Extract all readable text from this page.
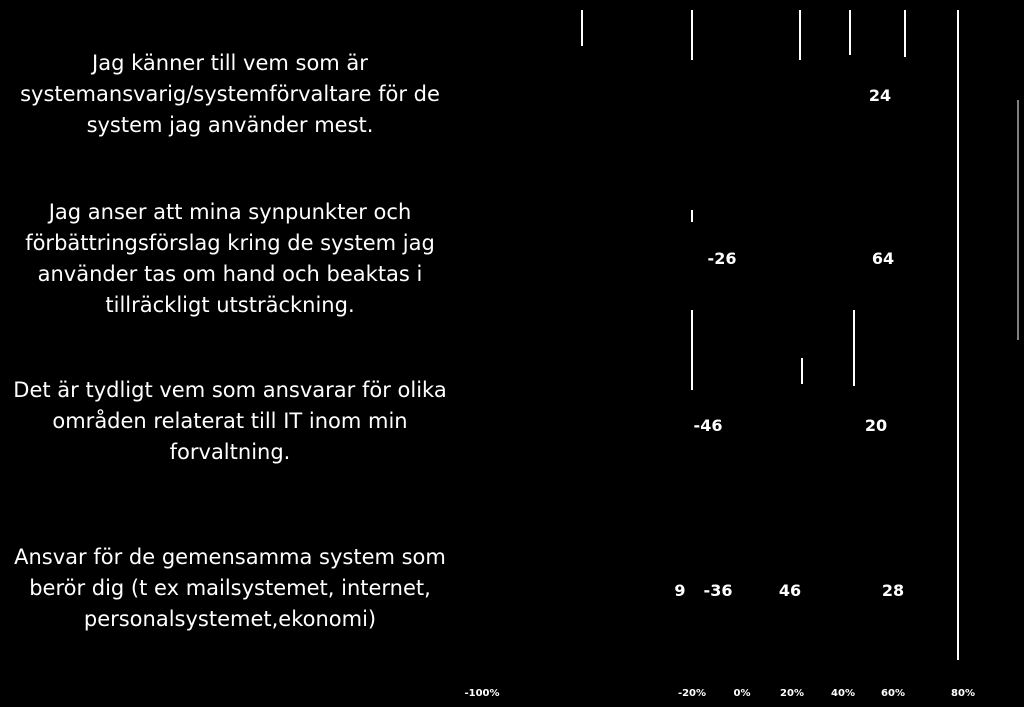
Jag känner till vem som är
systemansvarig/systemförvaltare för de
system jag använder mest.
Jag anser att mina synpunkter och
förbättringsförslag kring de system jag
använder tas om hand och beaktas i
tillräckligt utsträckning.
Det är tydligt vem som ansvarar för olika
områden relaterat till IT inom min
forvaltning.
Ansvar för de gemensamma system som
berör dig (t ex mailsystemet, internet,
personalsystemet,ekonomi)
24
-26	64
-46	20
9 -36	46	28
-100%	-20%	0%	20%	40%	60%	80%
